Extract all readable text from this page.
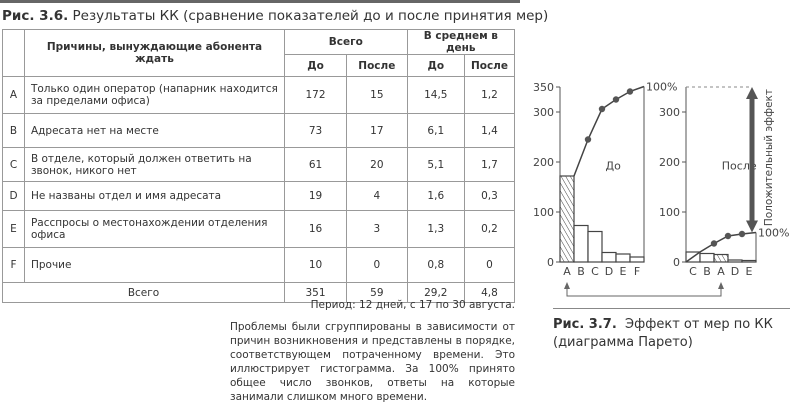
Рис. 3.6. Результаты КК (сравнение показателей до и после принятия мер)
	Причины, вынуждающие абонента ждать	Всего		В среднем в день	
		До	После	До	После
A	Только один оператор (напарник находится за пределами офиса)	172	15	14,5	1,2
B	Адресата нет на месте	73	17	6,1	1,4
C	В отделе, который должен ответить на звонок, никого нет	61	20	5,1	1,7
D	Не названы отдел и имя адресата	19	4	1,6	0,3
E	Расспросы о местонахождении отделения офиса	16	3	1,3	0,2
F	Прочие	10	0	0,8	0
Всего		351	59	29,2	4,8
Период: 12 дней, с 17 по 30 августа.
Проблемы были сгруппированы в зависимости от причин возникновения и представлены в порядке, соответствующем потраченному времени. Это иллюстрирует гистограмма. За 100% принято общее число звонков, ответы на которые занимали слишком много времени.
0
100
200
300
350
A B C D E F
100%
До
0
100
200
300
C B A D E
100%
После Положительный эффект
Рис. 3.7. Эффект от мер по КК (диаграмма Парето)
